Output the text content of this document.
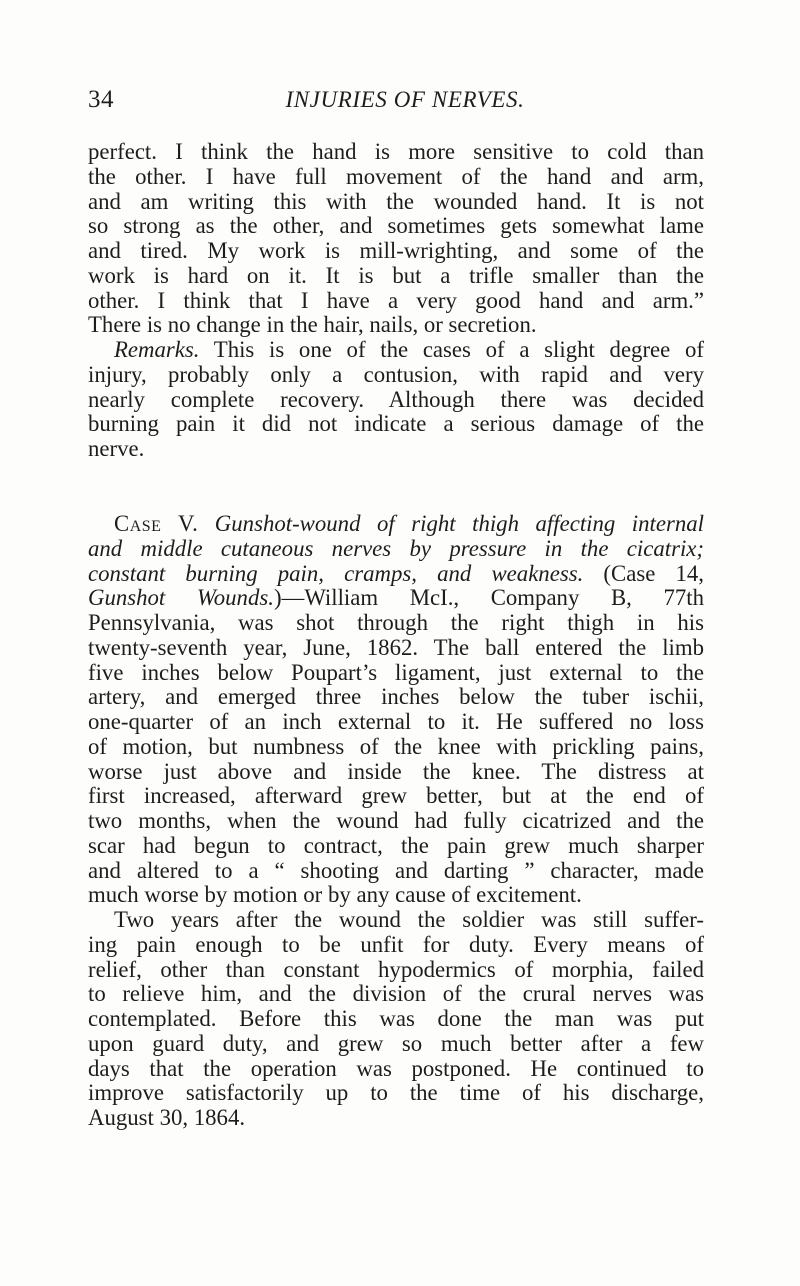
34	INJURIES OF NERVES.
perfect. I think the hand is more sensitive to cold than
the other. I have full movement of the hand and arm,
and am writing this with the wounded hand. It is not
so strong as the other, and sometimes gets somewhat lame
and tired. My work is mill-wrighting, and some of the
work is hard on it. It is but a trifle smaller than the
other. I think that I have a very good hand and arm.”
There is no change in the hair, nails, or secretion.
Remarks. This is one of the cases of a slight degree of
injury, probably only a contusion, with rapid and very
nearly complete recovery. Although there was decided
burning pain it did not indicate a serious damage of the
nerve.
Case V. Gunshot-wound of right thigh affecting internal
and middle cutaneous nerves by pressure in the cicatrix;
constant burning pain, cramps, and weakness. (Case 14,
Gunshot Wounds.)—William McI., Company B, 77th
Pennsylvania, was shot through the right thigh in his
twenty-seventh year, June, 1862. The ball entered the limb
five inches below Poupart’s ligament, just external to the
artery, and emerged three inches below the tuber ischii,
one-quarter of an inch external to it. He suffered no loss
of motion, but numbness of the knee with prickling pains,
worse just above and inside the knee. The distress at
first increased, afterward grew better, but at the end of
two months, when the wound had fully cicatrized and the
scar had begun to contract, the pain grew much sharper
and altered to a “ shooting and darting ” character, made
much worse by motion or by any cause of excitement.
Two years after the wound the soldier was still suffer-
ing pain enough to be unfit for duty. Every means of
relief, other than constant hypodermics of morphia, failed
to relieve him, and the division of the crural nerves was
contemplated. Before this was done the man was put
upon guard duty, and grew so much better after a few
days that the operation was postponed. He continued to
improve satisfactorily up to the time of his discharge,
August 30, 1864.
